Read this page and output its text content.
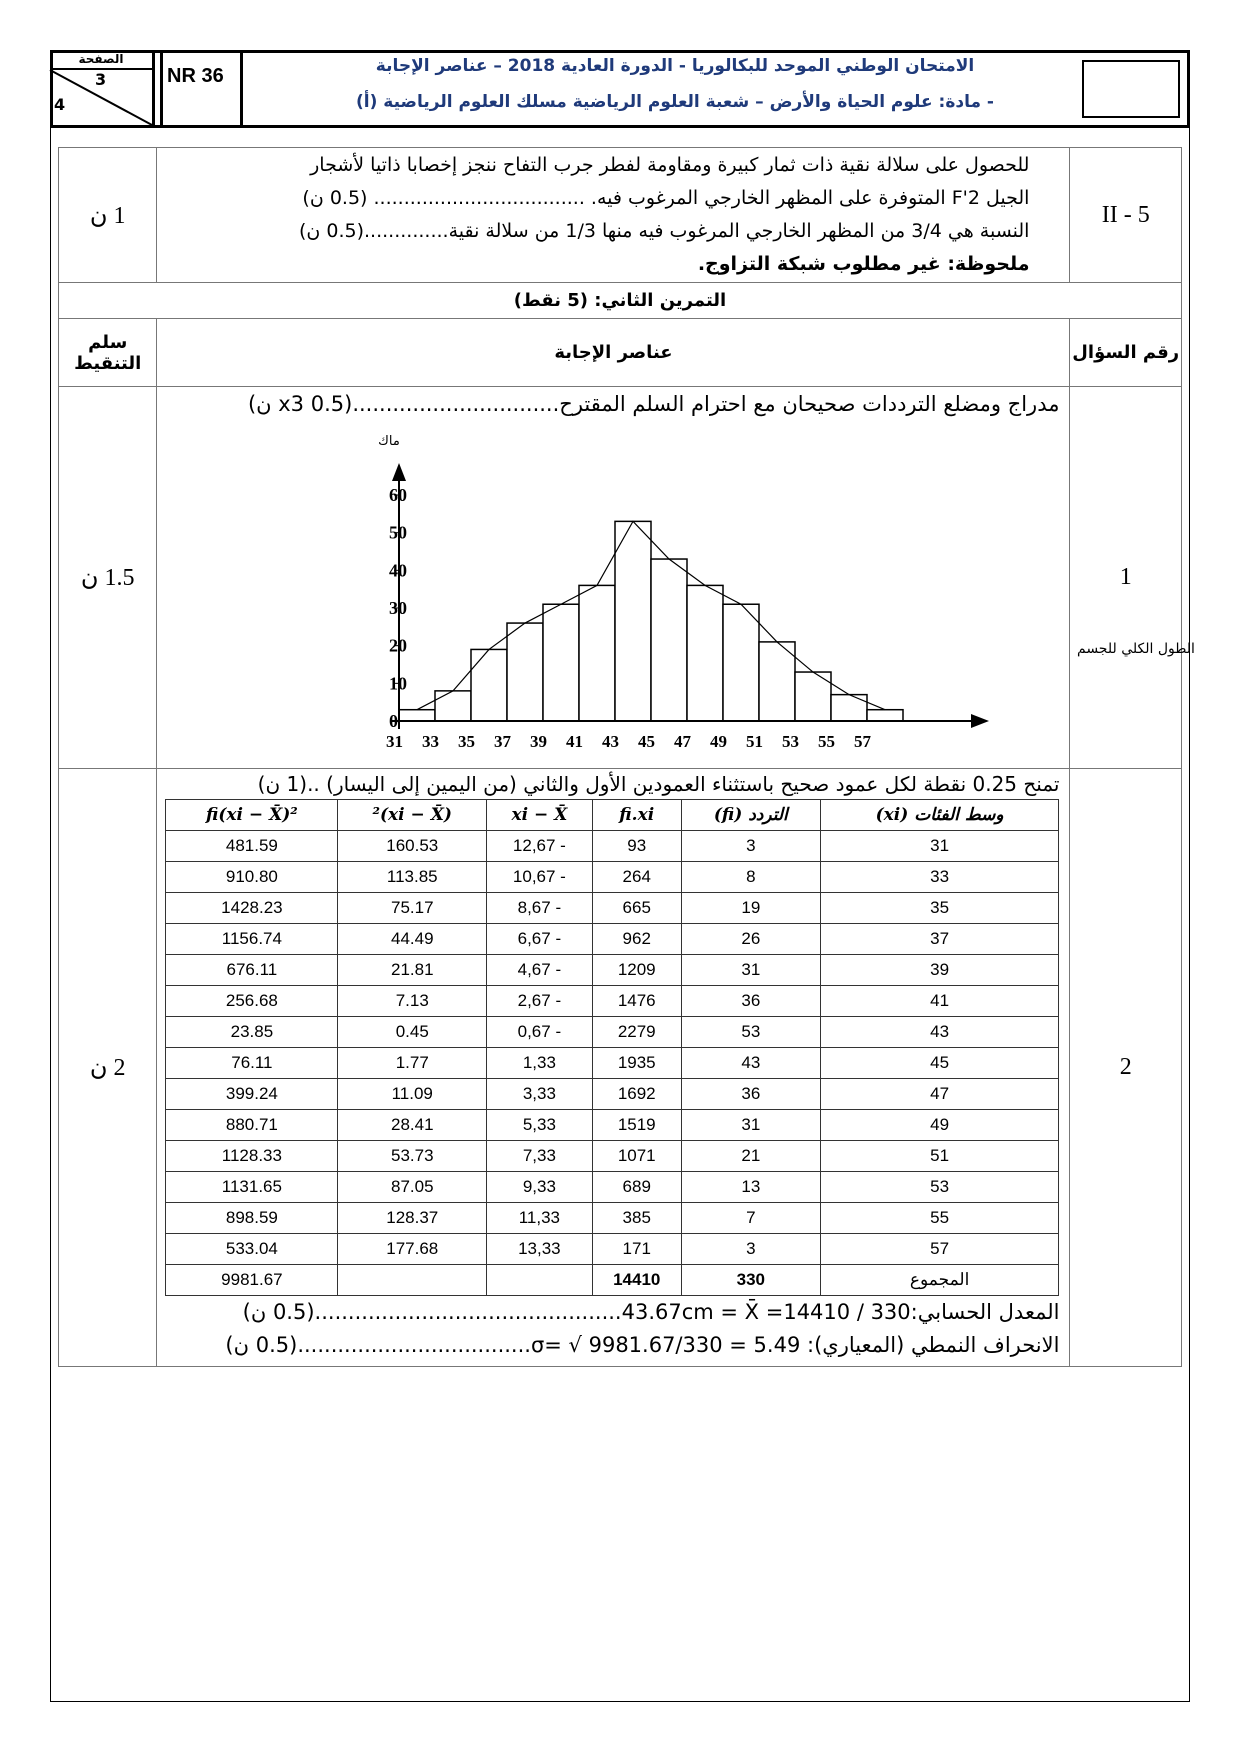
الصفحة
3
4
NR 36	الامتحان الوطني الموحد للبكالوريا - الدورة العادية 2018 – عناصر الإجابة
- مادة: علوم الحياة والأرض – شعبة العلوم الرياضية مسلك العلوم الرياضية (أ)
5 - II	
للحصول على سلالة نقية ذات ثمار كبيرة ومقاومة لفطر جرب التفاح ننجز إخصابا ذاتيا لأشجار
الجيل F'2 المتوفرة على المظهر الخارجي المرغوب فيه. ................................... (0.5 ن)
النسبة هي 3/4 من المظهر الخارجي المرغوب فيه منها 1/3 من سلالة نقية..............(0.5 ن)
ملحوظة: غير مطلوب شبكة التزاوج.
	1 ن
التمرين الثاني: (5 نقط)
رقم السؤال	عناصر الإجابة	سلم التنقيط
1	
مدراج ومضلع الترددات صحيحان مع احترام السلم المقترح...............................(0.5 x3 ن)
31 33 35 37 39 41 43 45 47 49 51 53 55 57
0
10
20
30
40
50
60
ماك
الطول الكلي للجسم
	1.5 ن
2	
تمنح 0.25 نقطة لكل عمود صحيح باستثناء العمودين الأول والثاني (من اليمين إلى اليسار) ..(1 ن)
وسط الفئات (xi)	التردد (fi)	fi.xi	xi − X̄	(xi − X̄)²	fi(xi − X̄)²
31	3	93	- 12,67	160.53	481.59
33	8	264	- 10,67	113.85	910.80
35	19	665	- 8,67	75.17	1428.23
37	26	962	- 6,67	44.49	1156.74
39	31	1209	- 4,67	21.81	676.11
41	36	1476	- 2,67	7.13	256.68
43	53	2279	- 0,67	0.45	23.85
45	43	1935	1,33	1.77	76.11
47	36	1692	3,33	11.09	399.24
49	31	1519	5,33	28.41	880.71
51	21	1071	7,33	53.73	1128.33
53	13	689	9,33	87.05	1131.65
55	7	385	11,33	128.37	898.59
57	3	171	13,33	177.68	533.04
المجموع	330	14410			9981.67
المعدل الحسابي:43.67cm = X̄ =14410 / 330..............................................(0.5 ن)
الانحراف النمطي (المعياري): 5.49 = 9981.67/330 √ =σ...................................(0.5 ن)
	2 ن
